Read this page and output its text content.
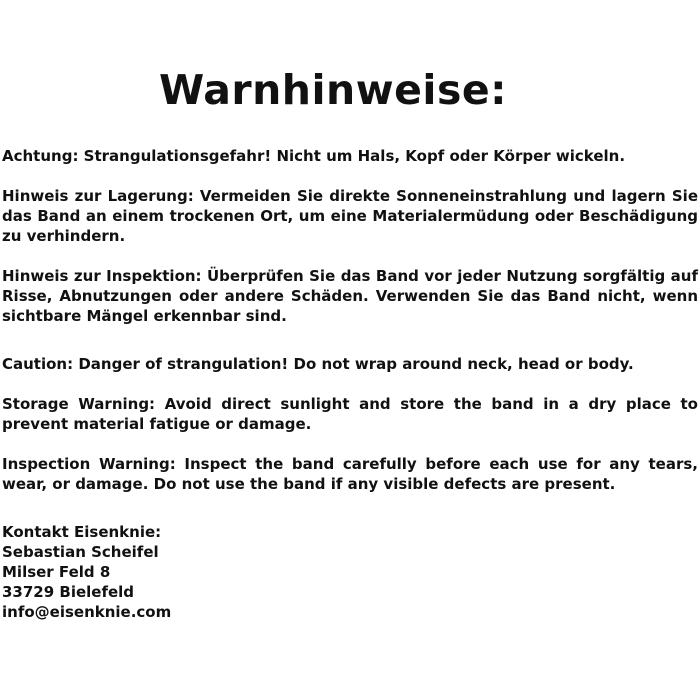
Warnhinweise:

Achtung: Strangulationsgefahr! Nicht um Hals, Kopf oder Körper wickeln.

Hinweis zur Lagerung: Vermeiden Sie direkte Sonneneinstrahlung und lagern Sie das Band an einem trockenen Ort, um eine Materialermüdung oder Beschädigung zu verhindern.

Hinweis zur Inspektion: Überprüfen Sie das Band vor jeder Nutzung sorgfältig auf Risse, Abnutzungen oder andere Schäden. Verwenden Sie das Band nicht, wenn sichtbare Mängel erkennbar sind.

Caution: Danger of strangulation! Do not wrap around neck, head or body.

Storage Warning: Avoid direct sunlight and store the band in a dry place to prevent material fatigue or damage.

Inspection Warning: Inspect the band carefully before each use for any tears, wear, or damage. Do not use the band if any visible defects are present.

Kontakt Eisenknie:
Sebastian Scheifel
Milser Feld 8
33729 Bielefeld
info@eisenknie.com
